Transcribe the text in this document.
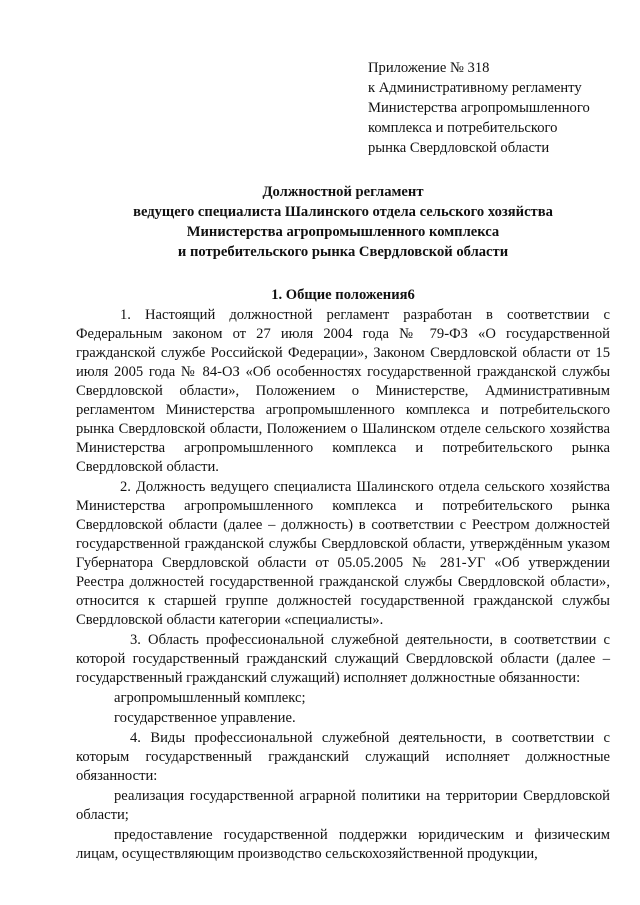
Приложение № 318
к Административному регламенту
Министерства агропромышленного
комплекса и потребительского
рынка Свердловской области
Должностной регламент
ведущего специалиста Шалинского отдела сельского хозяйства
Министерства агропромышленного комплекса
и потребительского рынка Свердловской области
1. Общие положения6

1. Настоящий должностной регламент разработан в соответствии с Федеральным законом от 27 июля 2004 года № 79-ФЗ «О государственной гражданской службе Российской Федерации», Законом Свердловской области от 15 июля 2005 года № 84-ОЗ «Об особенностях государственной гражданской службы Свердловской области», Положением о Министерстве, Административным регламентом Министерства агропромышленного комплекса и потребительского рынка Свердловской области, Положением о Шалинском отделе сельского хозяйства Министерства агропромышленного комплекса и потребительского рынка Свердловской области.

2. Должность ведущего специалиста Шалинского отдела сельского хозяйства Министерства агропромышленного комплекса и потребительского рынка Свердловской области (далее – должность) в соответствии с Реестром должностей государственной гражданской службы Свердловской области, утверждённым указом Губернатора Свердловской области от 05.05.2005 № 281-УГ «Об утверждении Реестра должностей государственной гражданской службы Свердловской области», относится к старшей группе должностей государственной гражданской службы Свердловской области категории «специалисты».

3. Область профессиональной служебной деятельности, в соответствии с которой государственный гражданский служащий Свердловской области (далее – государственный гражданский служащий) исполняет должностные обязанности:

агропромышленный комплекс;

государственное управление.

4. Виды профессиональной служебной деятельности, в соответствии с которым государственный гражданский служащий исполняет должностные обязанности:

реализация государственной аграрной политики на территории Свердловской области;

предоставление государственной поддержки юридическим и физическим лицам, осуществляющим производство сельскохозяйственной продукции,
